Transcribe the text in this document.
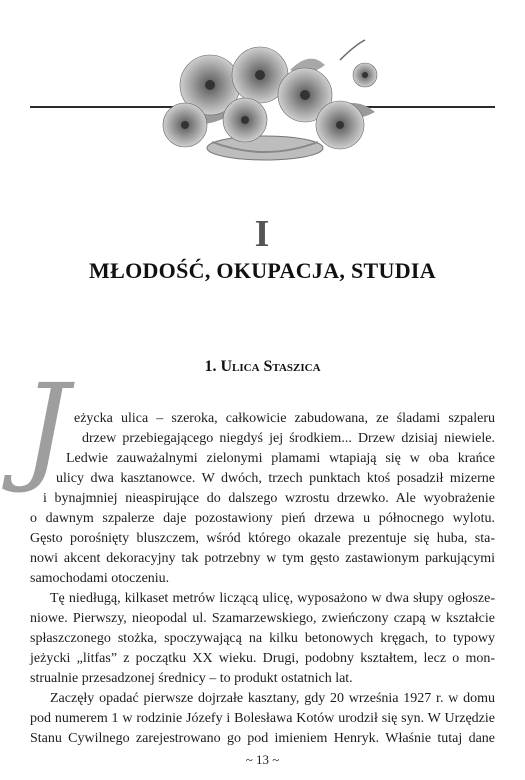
I
MŁODOŚĆ, OKUPACJA, STUDIA
1. Ulica Staszica
J eżycka ulica – szeroka, całkowicie zabudowana, ze śladami szpaleru
drzew przebiegającego niegdyś jej środkiem... Drzew dzisiaj niewiele.
Ledwie zauważalnymi zielonymi plamami wtapiają się w oba krańce
ulicy dwa kasztanowce. W dwóch, trzech punktach ktoś posadził mizerne
i bynajmniej nieaspirujące do dalszego wzrostu drzewko. Ale wyobrażenie
o dawnym szpalerze daje pozostawiony pień drzewa u północnego wylotu.
Gęsto porośnięty bluszczem, wśród którego okazale prezentuje się huba, sta-
nowi akcent dekoracyjny tak potrzebny w tym gęsto zastawionym parkującymi
samochodami otoczeniu.
Tę niedługą, kilkaset metrów liczącą ulicę, wyposażono w dwa słupy ogłosze-
niowe. Pierwszy, nieopodal ul. Szamarzewskiego, zwieńczony czapą w kształcie
spłaszczonego stożka, spoczywającą na kilku betonowych kręgach, to typowy
jeżycki „litfas” z początku XX wieku. Drugi, podobny kształtem, lecz o mon-
strualnie przesadzonej średnicy – to produkt ostatnich lat.
Zaczęły opadać pierwsze dojrzałe kasztany, gdy 20 września 1927 r. w domu
pod numerem 1 w rodzinie Józefy i Bolesława Kotów urodził się syn. W Urzędzie
Stanu Cywilnego zarejestrowano go pod imieniem Henryk. Właśnie tutaj dane
~ 13 ~
